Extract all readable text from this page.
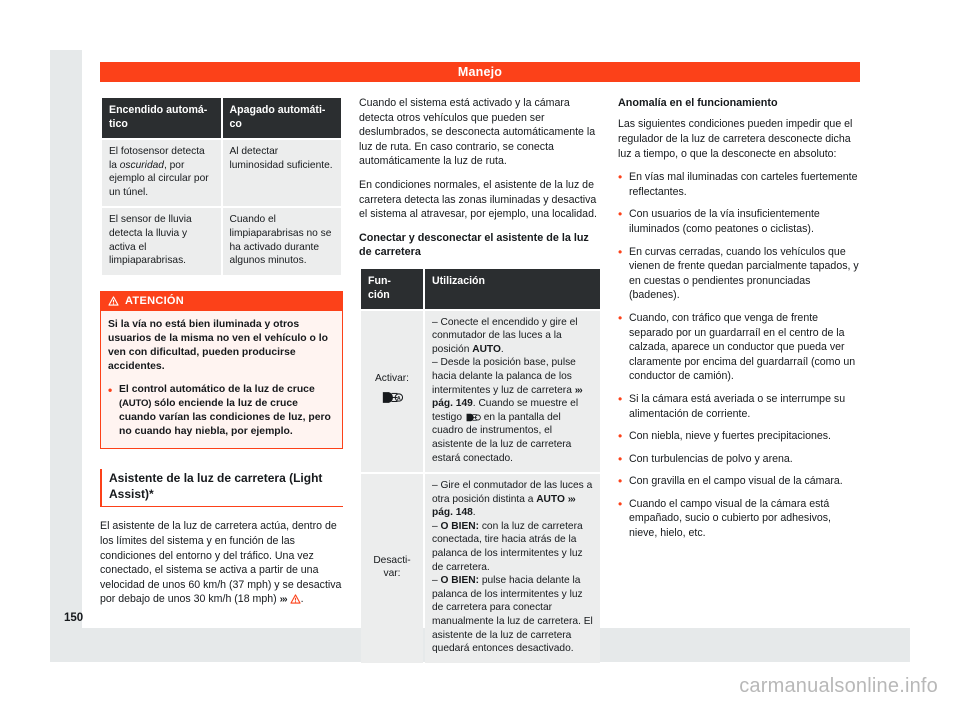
Manejo
Encendido automá-
tico	Apagado automáti-
co
El fotosensor detecta la oscuridad, por ejemplo al circular por un túnel.	Al detectar luminosidad suficiente.
El sensor de lluvia detecta la lluvia y activa el limpiaparabrisas.	Cuando el limpiaparabrisas no se ha activado durante algunos minutos.
ATENCIÓN

Si la vía no está bien iluminada y otros usuarios de la misma no ven el vehículo o lo ven con dificultad, pueden producirse accidentes.

• El control automático de la luz de cruce (AUTO) sólo enciende la luz de cruce cuando varían las condiciones de luz, pero no cuando hay niebla, por ejemplo.

Asistente de la luz de carretera (Light Assist)*

El asistente de la luz de carretera actúa, dentro de los límites del sistema y en función de las condiciones del entorno y del tráfico. Una vez conectado, el sistema se activa a partir de una velocidad de unos 60 km/h (37 mph) y se desactiva por debajo de unos 30 km/h (18 mph) ››› .

Cuando el sistema está activado y la cámara detecta otros vehículos que pueden ser deslumbrados, se desconecta automáticamente la luz de ruta. En caso contrario, se conecta automáticamente la luz de ruta.

En condiciones normales, el asistente de la luz de carretera detecta las zonas iluminadas y desactiva el sistema al atravesar, por ejemplo, una localidad.

Conectar y desconectar el asistente de la luz de carretera
Fun-
ción	Utilización

Activar:
A
	– Conecte el encendido y gire el conmutador de las luces a la posición AUTO.
– Desde la posición base, pulse hacia delante la palanca de los intermitentes y luz de carretera ››› pág. 149. Cuando se muestre el testigo  en la pantalla del cuadro de instrumentos, el asistente de la luz de carretera estará conectado.

Desacti-
var:	– Gire el conmutador de las luces a otra posición distinta a AUTO ››› pág. 148.
– O BIEN: con la luz de carretera conectada, tire hacia atrás de la palanca de los intermitentes y luz de carretera.
– O BIEN: pulse hacia delante la palanca de los intermitentes y luz de carretera para conectar manualmente la luz de carretera. El asistente de la luz de carretera quedará entonces desactivado.
Anomalía en el funcionamiento

Las siguientes condiciones pueden impedir que el regulador de la luz de carretera desconecte dicha luz a tiempo, o que la desconecte en absoluto:

• En vías mal iluminadas con carteles fuertemente reflectantes.
• Con usuarios de la vía insuficientemente iluminados (como peatones o ciclistas).
• En curvas cerradas, cuando los vehículos que vienen de frente quedan parcialmente tapados, y en cuestas o pendientes pronunciadas (badenes).
• Cuando, con tráfico que venga de frente separado por un guardarraíl en el centro de la calzada, aparece un conductor que pueda ver claramente por encima del guardarraíl (como un conductor de camión).
• Si la cámara está averiada o se interrumpe su alimentación de corriente.
• Con niebla, nieve y fuertes precipitaciones.
• Con turbulencias de polvo y arena.
• Con gravilla en el campo visual de la cámara.
• Cuando el campo visual de la cámara está empañado, sucio o cubierto por adhesivos, nieve, hielo, etc.
150
carmanualsonline.info
